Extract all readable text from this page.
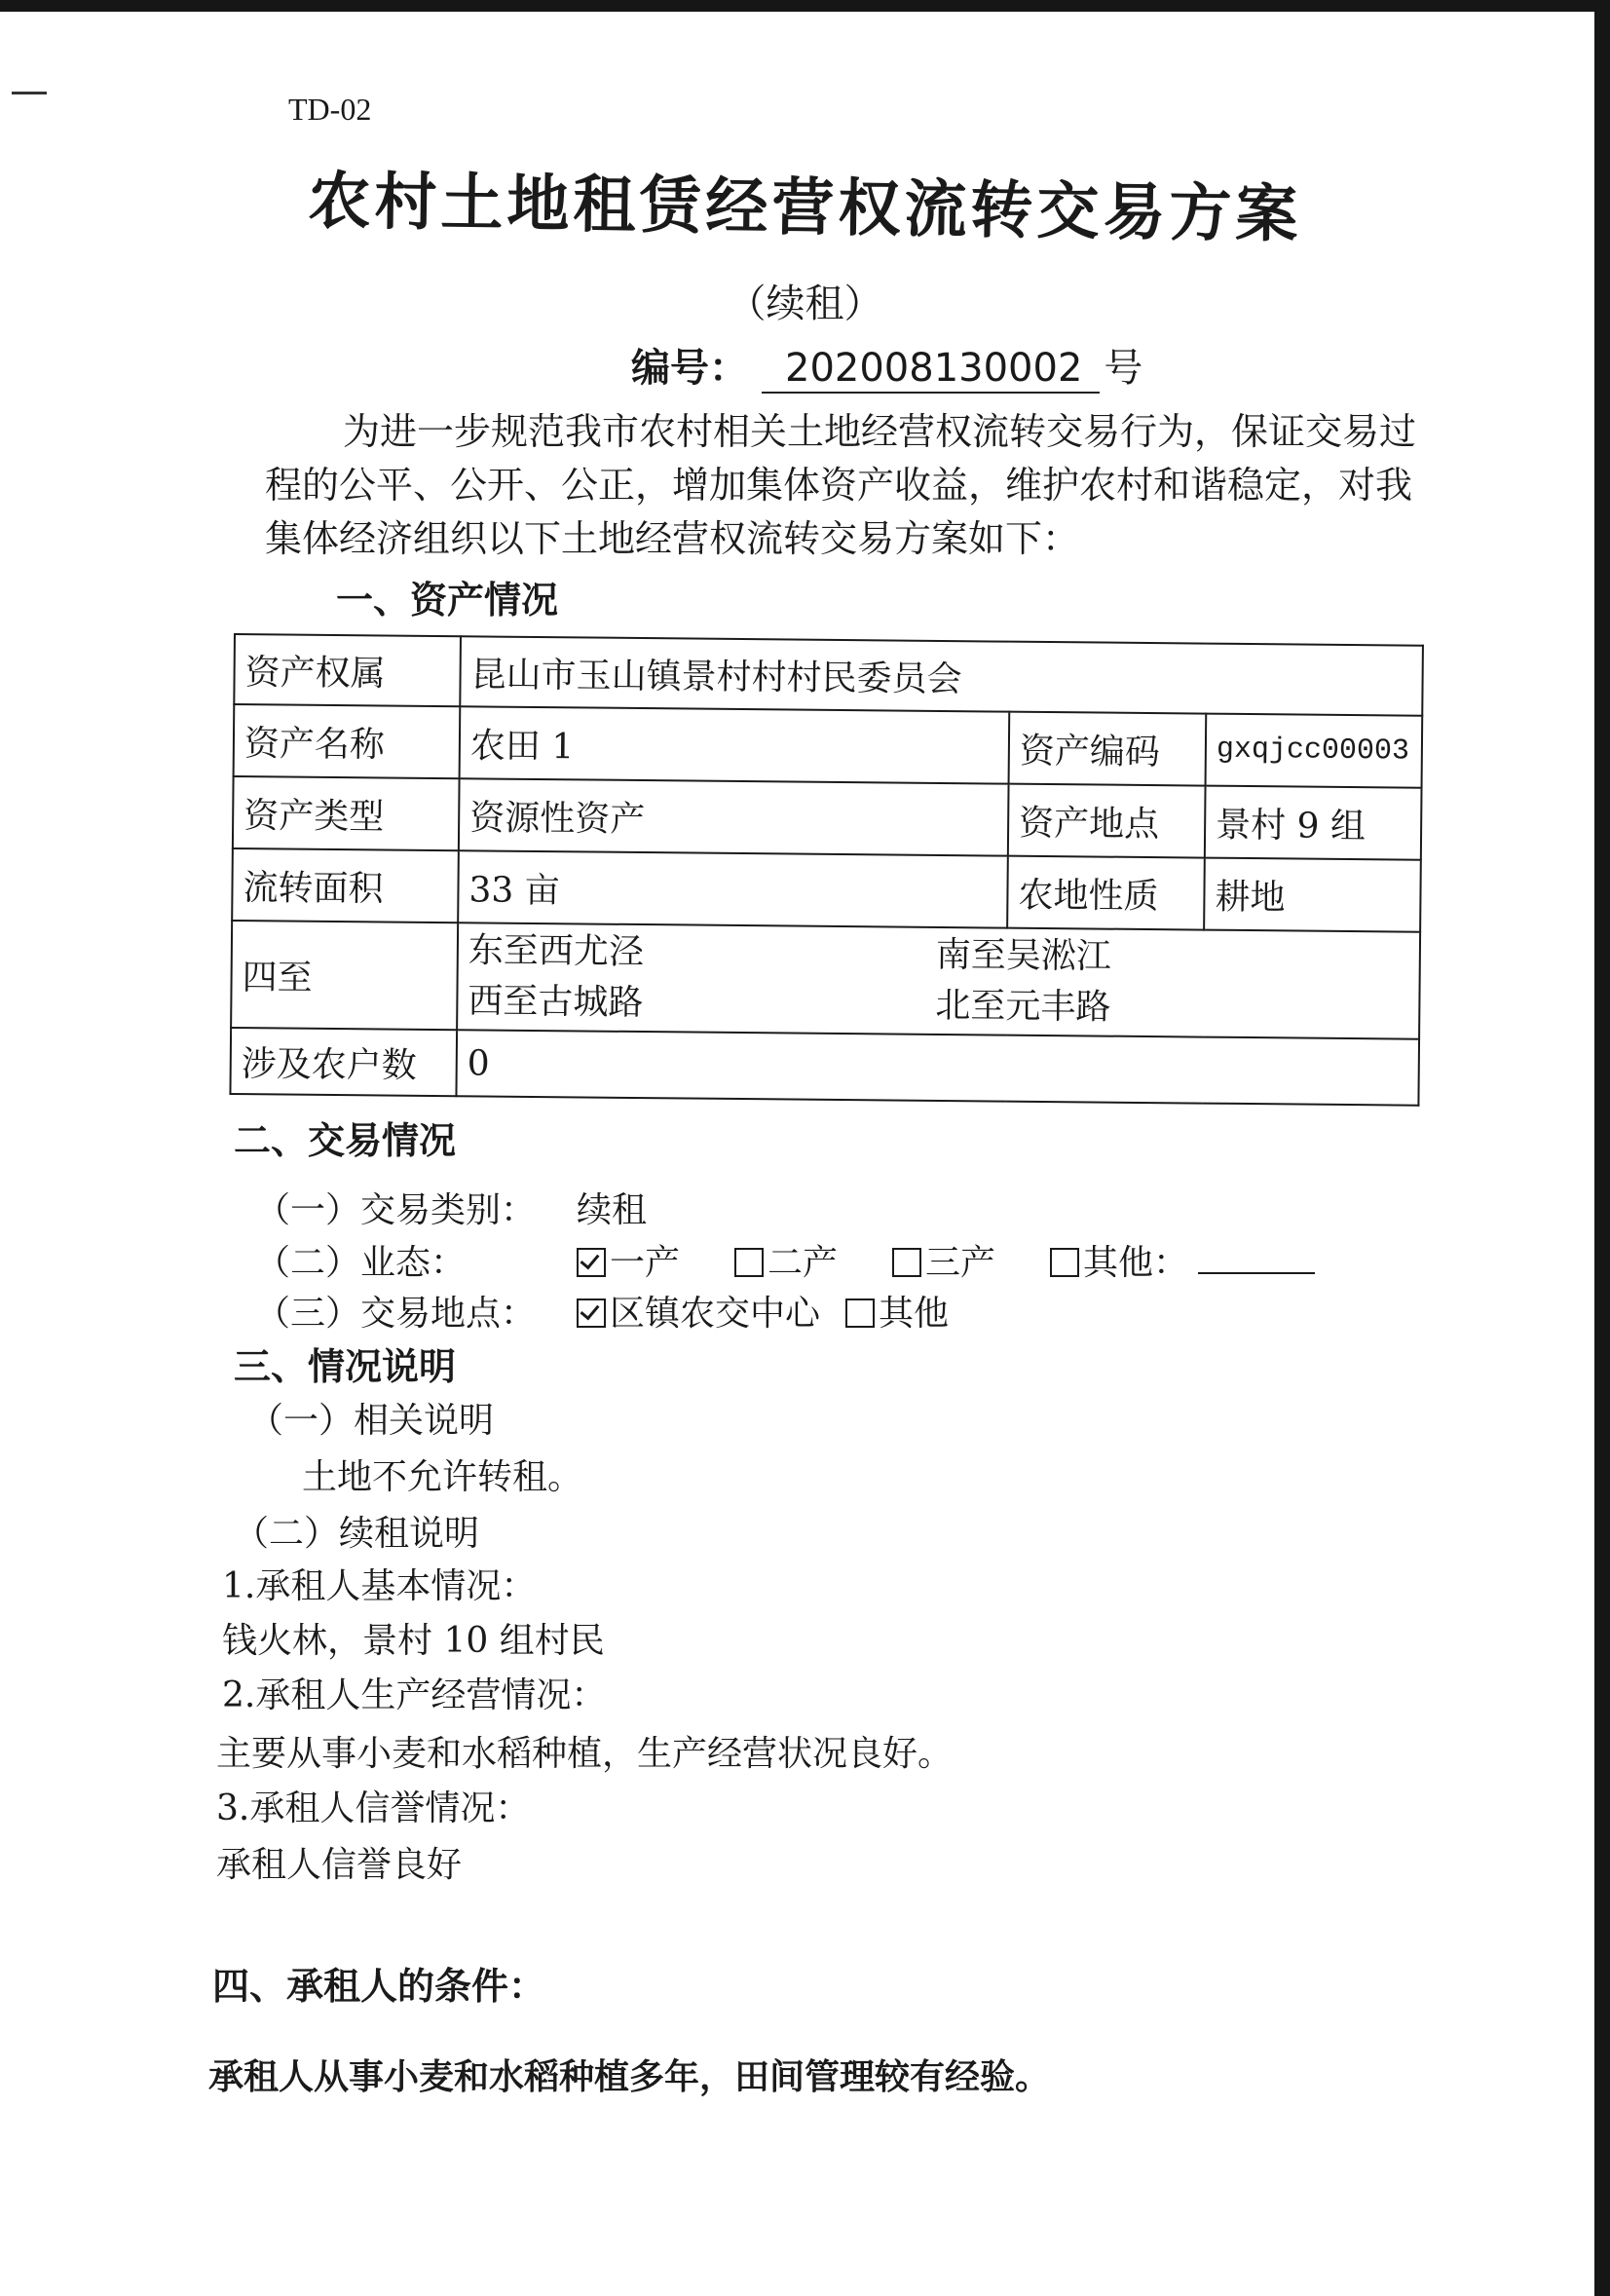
TD-02
农村土地租赁经营权流转交易方案
（续租）
编号： 202008130002 号
为进一步规范我市农村相关土地经营权流转交易行为，保证交易过程的公平、公开、公正，增加集体资产收益，维护农村和谐稳定，对我集体经济组织以下土地经营权流转交易方案如下：
一、资产情况
资产权属	昆山市玉山镇景村村村民委员会		
资产名称	农田 1	资产编码	gxqjcc00003
资产类型	资源性资产	资产地点	景村 9 组
流转面积	33 亩	农地性质	耕地
四至	东至西尤泾 南至吴淞江
西至古城路 北至元丰路		

涉及农户数	0		
二、交易情况
（一）交易类别： 续租
（二）业态：	一产	二产	三产	其他：
（三）交易地点： 区镇农交中心 其他
三、情况说明
（一）相关说明
土地不允许转租。
（二）续租说明
1.承租人基本情况：
钱火林，景村 10 组村民
2.承租人生产经营情况：
主要从事小麦和水稻种植，生产经营状况良好。
3.承租人信誉情况：
承租人信誉良好
四、承租人的条件：
承租人从事小麦和水稻种植多年，田间管理较有经验。
